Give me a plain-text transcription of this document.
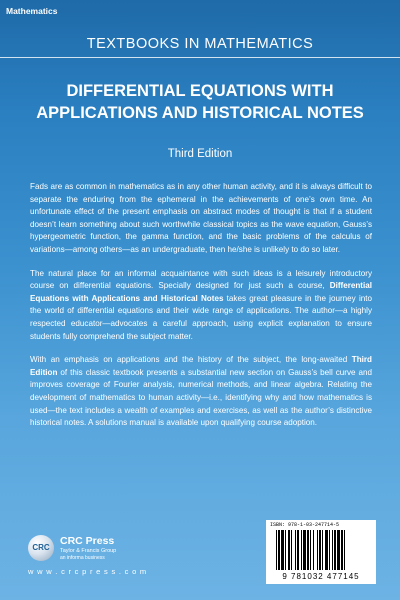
Mathematics
TEXTBOOKS IN MATHEMATICS
DIFFERENTIAL EQUATIONS WITH APPLICATIONS AND HISTORICAL NOTES
Third Edition

Fads are as common in mathematics as in any other human activity, and it is always difficult to separate the enduring from the ephemeral in the achievements of one’s own time. An unfortunate effect of the present emphasis on abstract modes of thought is that if a student doesn’t learn something about such worthwhile classical topics as the wave equation, Gauss’s hypergeometric function, the gamma function, and the basic problems of the calculus of variations—among others—as an undergraduate, then he/she is unlikely to do so later.

The natural place for an informal acquaintance with such ideas is a leisurely introductory course on differential equations. Specially designed for just such a course, Differential Equations with Applications and Historical Notes takes great pleasure in the journey into the world of differential equations and their wide range of applications. The author—a highly respected educator—advocates a careful approach, using explicit explanation to ensure students fully comprehend the subject matter.

With an emphasis on applications and the history of the subject, the long-awaited Third Edition of this classic textbook presents a substantial new section on Gauss’s bell curve and improves coverage of Fourier analysis, numerical methods, and linear algebra. Relating the development of mathematics to human activity—i.e., identifying why and how mathematics is used—the text includes a wealth of examples and exercises, as well as the author’s distinctive historical notes. A solutions manual is available upon qualifying course adoption.

CRC
CRC Press
Taylor & Francis Group
an informa business
w w w . c r c p r e s s . c o m
ISBN: 978-1-03-247714-5
9 781032 477145
